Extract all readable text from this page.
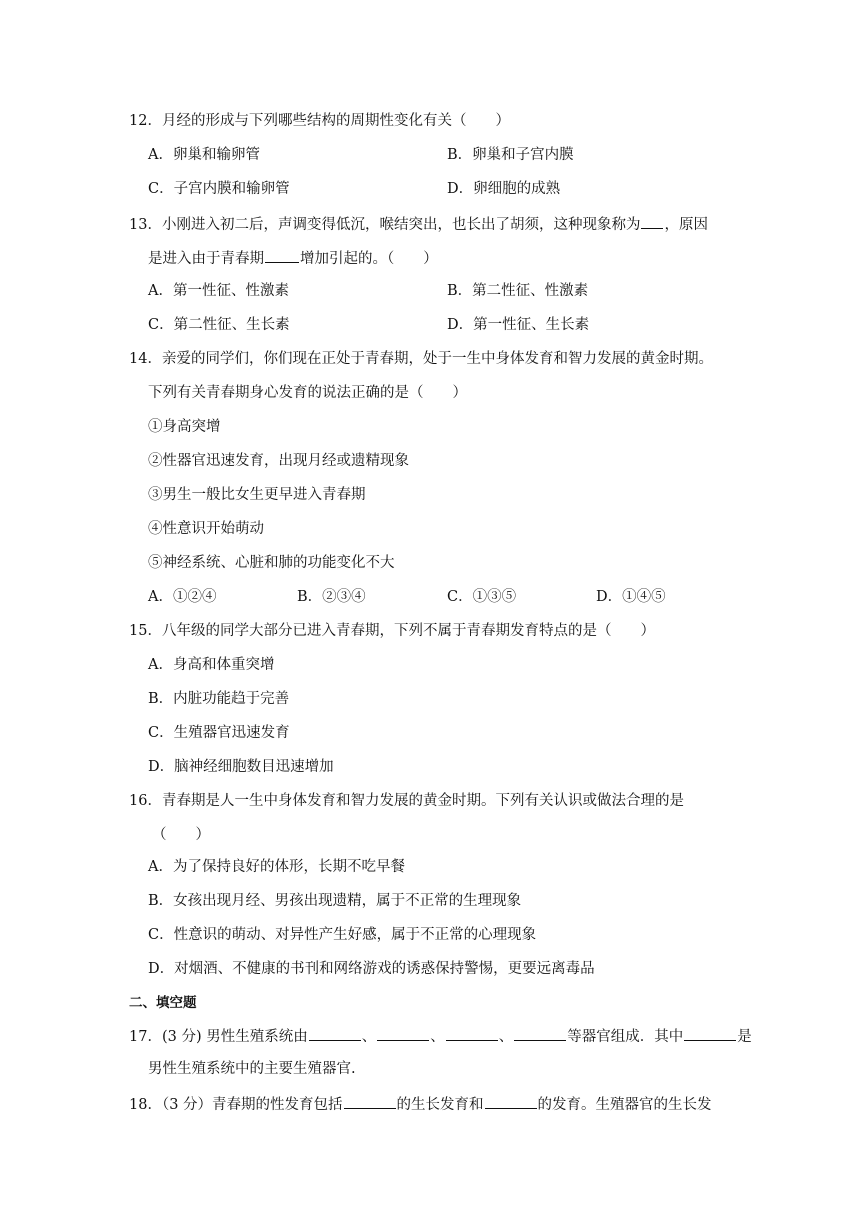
12．月经的形成与下列哪些结构的周期性变化有关（　　）
A．卵巢和输卵管	B．卵巢和子宫内膜
C．子宫内膜和输卵管	D．卵细胞的成熟
13．小刚进入初二后，声调变得低沉，喉结突出，也长出了胡须，这种现象称为 ，原因
是进入由于青春期 增加引起的。（　　）
A．第一性征、性激素	B．第二性征、性激素
C．第二性征、生长素	D．第一性征、生长素
14．亲爱的同学们，你们现在正处于青春期，处于一生中身体发育和智力发展的黄金时期。
下列有关青春期身心发育的说法正确的是（　　）
①身高突增
②性器官迅速发育，出现月经或遗精现象
③男生一般比女生更早进入青春期
④性意识开始萌动
⑤神经系统、心脏和肺的功能变化不大
A．①②④	B．②③④	C．①③⑤	D．①④⑤
15．八年级的同学大部分已进入青春期，下列不属于青春期发育特点的是（　　）
A．身高和体重突增
B．内脏功能趋于完善
C．生殖器官迅速发育
D．脑神经细胞数目迅速增加
16．青春期是人一生中身体发育和智力发展的黄金时期。下列有关认识或做法合理的是
（　　）
A．为了保持良好的体形，长期不吃早餐
B．女孩出现月经、男孩出现遗精，属于不正常的生理现象
C．性意识的萌动、对异性产生好感，属于不正常的心理现象
D．对烟酒、不健康的书刊和网络游戏的诱惑保持警惕，更要远离毒品
二、填空题
17．(3 分) 男性生殖系统由	、	、	、	等器官组成．其中	是
男性生殖系统中的主要生殖器官.
18．（3 分）青春期的性发育包括	的生长发育和	的发育。生殖器官的生长发
